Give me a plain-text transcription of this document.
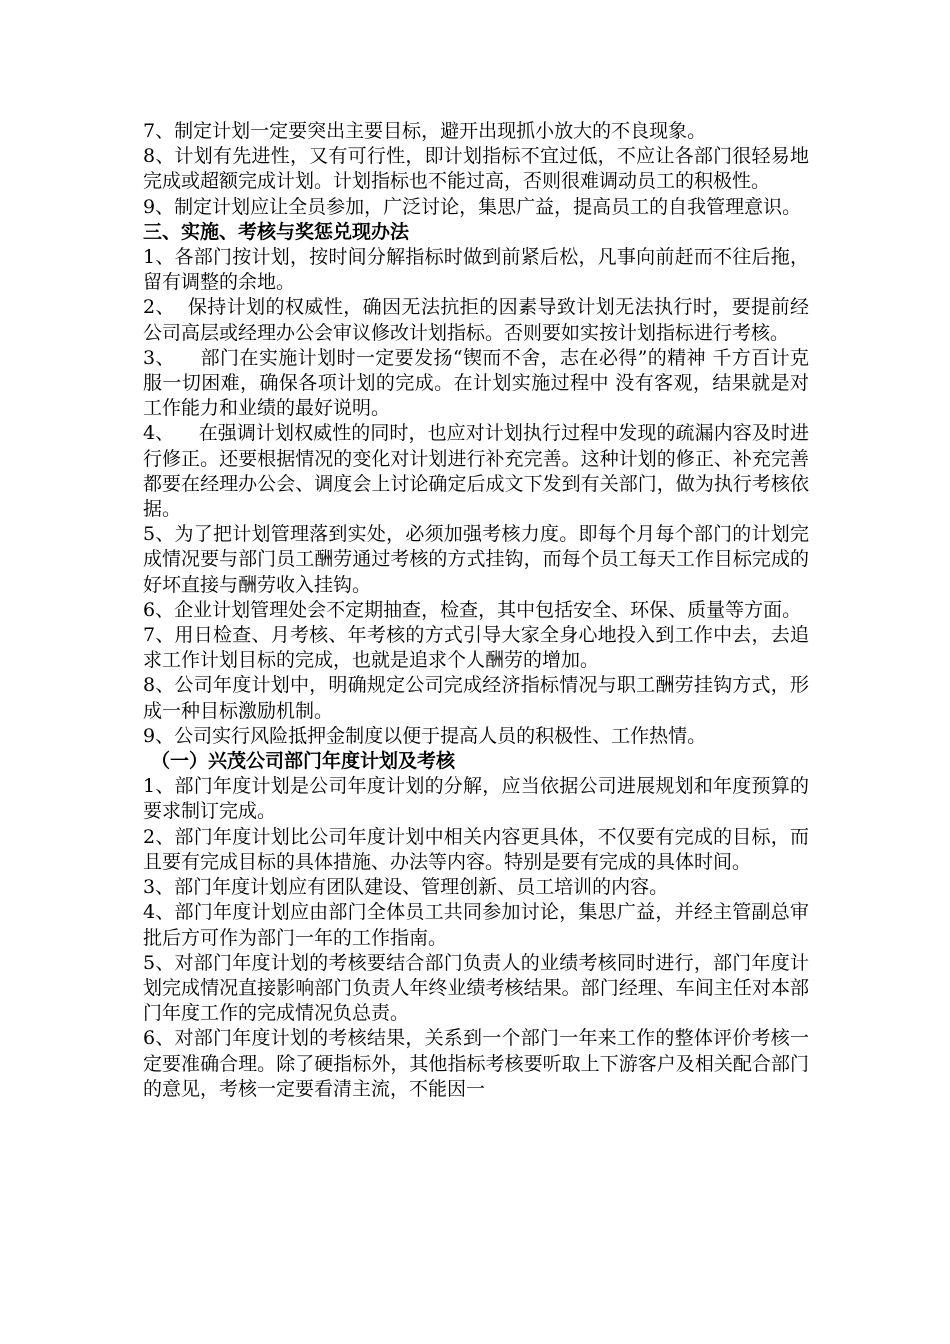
7、制定计划一定要突出主要目标，避开出现抓小放大的不良现象。

8、计划有先进性，又有可行性，即计划指标不宜过低，不应让各部门很轻易地完成或超额完成计划。计划指标也不能过高，否则很难调动员工的积极性。

9、制定计划应让全员参加，广泛讨论，集思广益，提高员工的自我管理意识。

三、实施、考核与奖惩兑现办法

1、各部门按计划，按时间分解指标时做到前紧后松，凡事向前赶而不往后拖，留有调整的余地。

2、  保持计划的权威性，确因无法抗拒的因素导致计划无法执行时，要提前经公司高层或经理办公会审议修改计划指标。否则要如实按计划指标进行考核。

3、    部门在实施计划时一定要发扬“锲而不舍，志在必得”的精神 千方百计克服一切困难，确保各项计划的完成。在计划实施过程中 没有客观，结果就是对工作能力和业绩的最好说明。

4、    在强调计划权威性的同时，也应对计划执行过程中发现的疏漏内容及时进行修正。还要根据情况的变化对计划进行补充完善。这种计划的修正、补充完善都要在经理办公会、调度会上讨论确定后成文下发到有关部门，做为执行考核依据。

5、为了把计划管理落到实处，必须加强考核力度。即每个月每个部门的计划完成情况要与部门员工酬劳通过考核的方式挂钩，而每个员工每天工作目标完成的好坏直接与酬劳收入挂钩。

6、企业计划管理处会不定期抽查，检查，其中包括安全、环保、质量等方面。

7、用日检查、月考核、年考核的方式引导大家全身心地投入到工作中去，去追求工作计划目标的完成，也就是追求个人酬劳的增加。

8、公司年度计划中，明确规定公司完成经济指标情况与职工酬劳挂钩方式，形成一种目标激励机制。

9、公司实行风险抵押金制度以便于提高人员的积极性、工作热情。

（一）兴茂公司部门年度计划及考核

1、部门年度计划是公司年度计划的分解，应当依据公司进展规划和年度预算的要求制订完成。

2、部门年度计划比公司年度计划中相关内容更具体，不仅要有完成的目标，而且要有完成目标的具体措施、办法等内容。特别是要有完成的具体时间。

3、部门年度计划应有团队建设、管理创新、员工培训的内容。

4、部门年度计划应由部门全体员工共同参加讨论，集思广益，并经主管副总审批后方可作为部门一年的工作指南。

5、对部门年度计划的考核要结合部门负责人的业绩考核同时进行，部门年度计划完成情况直接影响部门负责人年终业绩考核结果。部门经理、车间主任对本部门年度工作的完成情况负总责。

6、对部门年度计划的考核结果，关系到一个部门一年来工作的整体评价考核一定要准确合理。除了硬指标外，其他指标考核要听取上下游客户及相关配合部门的意见，考核一定要看清主流，不能因一
